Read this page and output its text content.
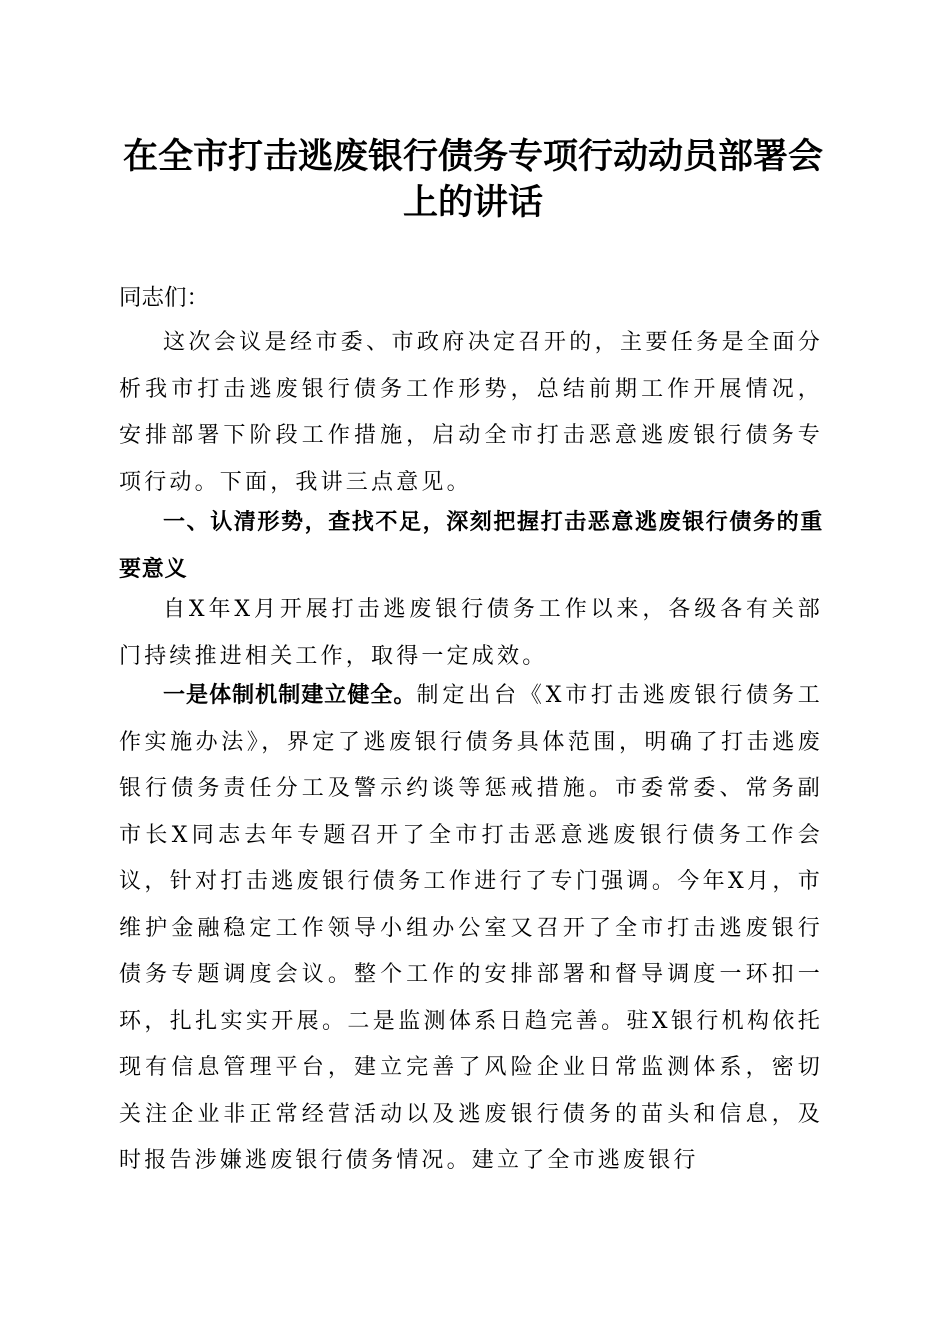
在全市打击逃废银行债务专项行动动员部署会
上的讲话

同志们：

这次会议是经市委、市政府决定召开的，主要任务是全面分析我市打击逃废银行债务工作形势，总结前期工作开展情况，安排部署下阶段工作措施，启动全市打击恶意逃废银行债务专项行动。下面，我讲三点意见。

一、认清形势，查找不足，深刻把握打击恶意逃废银行债务的重要意义

自X年X月开展打击逃废银行债务工作以来，各级各有关部门持续推进相关工作，取得一定成效。

一是体制机制建立健全。制定出台《X市打击逃废银行债务工作实施办法》，界定了逃废银行债务具体范围，明确了打击逃废银行债务责任分工及警示约谈等惩戒措施。市委常委、常务副市长X同志去年专题召开了全市打击恶意逃废银行债务工作会议，针对打击逃废银行债务工作进行了专门强调。今年X月，市维护金融稳定工作领导小组办公室又召开了全市打击逃废银行债务专题调度会议。整个工作的安排部署和督导调度一环扣一环，扎扎实实开展。二是监测体系日趋完善。驻X银行机构依托现有信息管理平台，建立完善了风险企业日常监测体系，密切关注企业非正常经营活动以及逃废银行债务的苗头和信息，及时报告涉嫌逃废银行债务情况。建立了全市逃废银行
